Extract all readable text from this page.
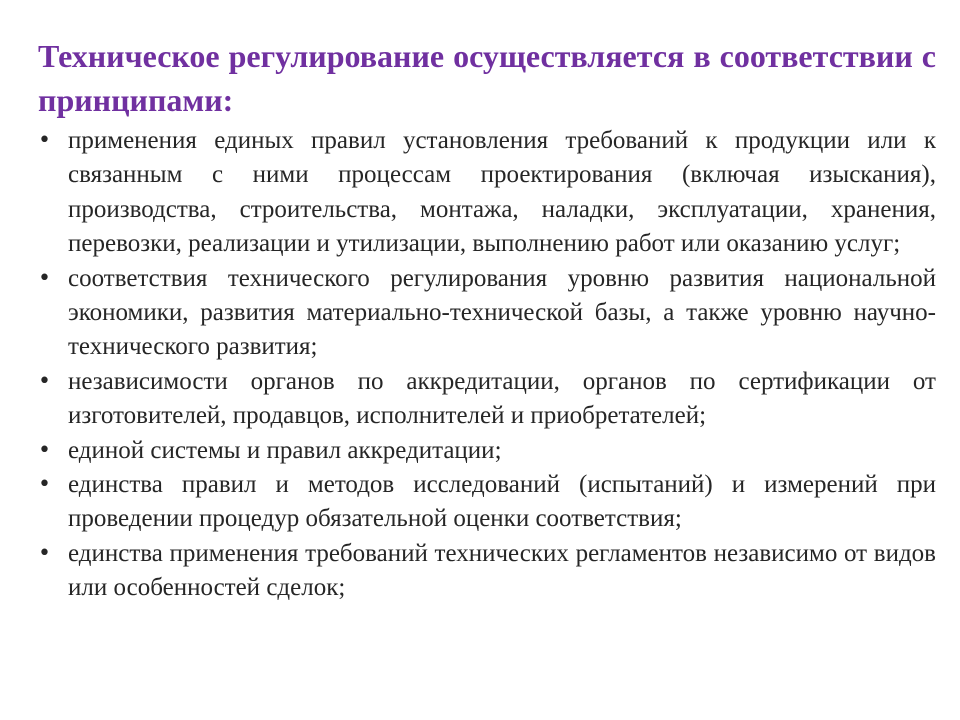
Техническое регулирование осуществляется в соответствии с принципами:
• применения единых правил установления требований к продукции или к связанным с ними процессам проектирования (включая изыскания), производства, строительства, монтажа, наладки, эксплуатации, хранения, перевозки, реализации и утилизации, выполнению работ или оказанию услуг;
• соответствия технического регулирования уровню развития национальной экономики, развития материально-технической базы, а также уровню научно-технического развития;
• независимости органов по аккредитации, органов по сертификации от изготовителей, продавцов, исполнителей и приобретателей;
• единой системы и правил аккредитации;
• единства правил и методов исследований (испытаний) и измерений при проведении процедур обязательной оценки соответствия;
• единства применения требований технических регламентов независимо от видов или особенностей сделок;
